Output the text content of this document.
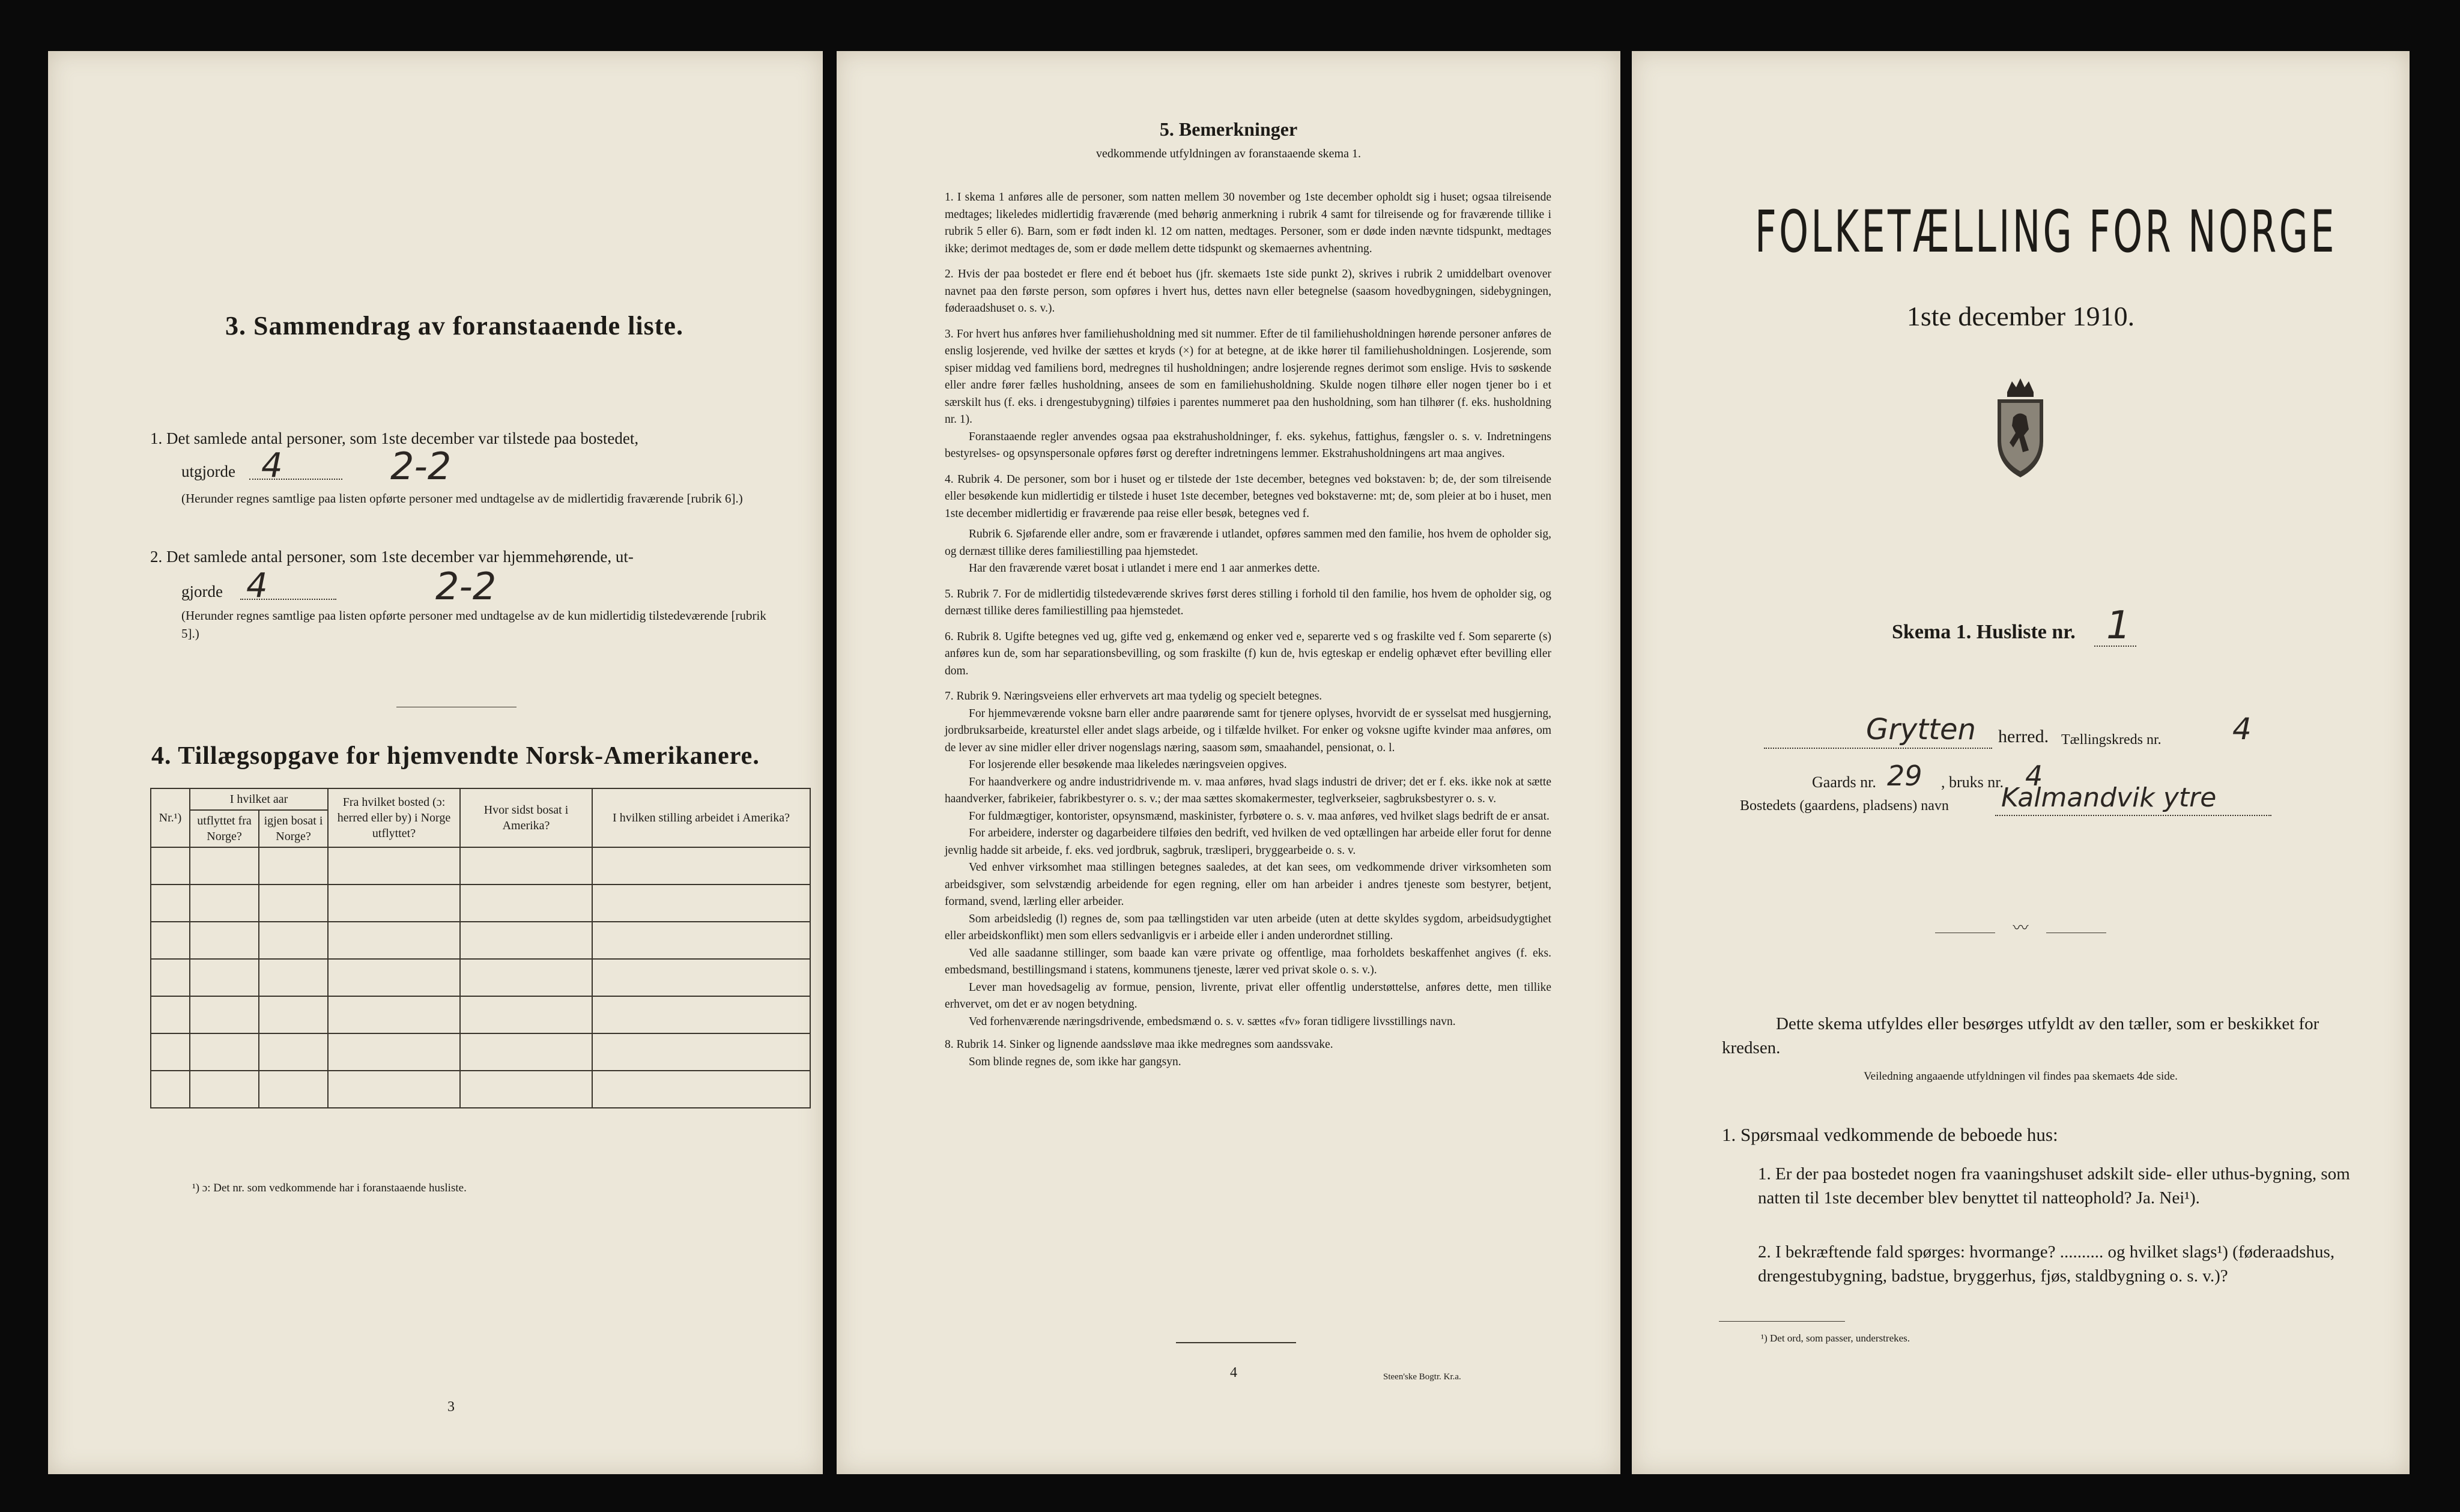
3. Sammendrag av foranstaaende liste.
1. Det samlede antal personer, som 1ste december var tilstede paa bostedet,
utgjorde 4	2-2
(Herunder regnes samtlige paa listen opførte personer med undtagelse av de midlertidig fraværende [rubrik 6].)
2. Det samlede antal personer, som 1ste december var hjemmehørende, ut-
gjorde 4	2-2
(Herunder regnes samtlige paa listen opførte personer med undtagelse av de kun midlertidig tilstedeværende [rubrik 5].)
4. Tillægsopgave for hjemvendte Norsk-Amerikanere.
Nr.¹)	I hvilket aar		Fra hvilket bosted (ɔ: herred eller by) i Norge utflyttet?	Hvor sidst bosat i Amerika?	I hvilken stilling arbeidet i Amerika?
	utflyttet fra Norge?	igjen bosat i Norge?			

¹) ɔ: Det nr. som vedkommende har i foranstaaende husliste.
3
5. Bemerkninger
vedkommende utfyldningen av foranstaaende skema 1.

1. I skema 1 anføres alle de personer, som natten mellem 30 november og 1ste december opholdt sig i huset; ogsaa tilreisende medtages; likeledes midlertidig fraværende (med behørig anmerkning i rubrik 4 samt for tilreisende og for fraværende tillike i rubrik 5 eller 6). Barn, som er født inden kl. 12 om natten, medtages. Personer, som er døde inden nævnte tidspunkt, medtages ikke; derimot medtages de, som er døde mellem dette tidspunkt og skemaernes avhentning.

2. Hvis der paa bostedet er flere end ét beboet hus (jfr. skemaets 1ste side punkt 2), skrives i rubrik 2 umiddelbart ovenover navnet paa den første person, som opføres i hvert hus, dettes navn eller betegnelse (saasom hovedbygningen, sidebygningen, føderaadshuset o. s. v.).

3. For hvert hus anføres hver familiehusholdning med sit nummer. Efter de til familiehusholdningen hørende personer anføres de enslig losjerende, ved hvilke der sættes et kryds (×) for at betegne, at de ikke hører til familiehusholdningen. Losjerende, som spiser middag ved familiens bord, medregnes til husholdningen; andre losjerende regnes derimot som enslige. Hvis to søskende eller andre fører fælles husholdning, ansees de som en familiehusholdning. Skulde nogen tilhøre eller nogen tjener bo i et særskilt hus (f. eks. i drengestubygning) tilføies i parentes nummeret paa den husholdning, som han tilhører (f. eks. husholdning nr. 1).

Foranstaaende regler anvendes ogsaa paa ekstrahusholdninger, f. eks. sykehus, fattighus, fængsler o. s. v. Indretningens bestyrelses- og opsynspersonale opføres først og derefter indretningens lemmer. Ekstrahusholdningens art maa angives.

4. Rubrik 4. De personer, som bor i huset og er tilstede der 1ste december, betegnes ved bokstaven: b; de, der som tilreisende eller besøkende kun midlertidig er tilstede i huset 1ste december, betegnes ved bokstaverne: mt; de, som pleier at bo i huset, men 1ste december midlertidig er fraværende paa reise eller besøk, betegnes ved f.

Rubrik 6. Sjøfarende eller andre, som er fraværende i utlandet, opføres sammen med den familie, hos hvem de opholder sig, og dernæst tillike deres familiestilling paa hjemstedet.

Har den fraværende været bosat i utlandet i mere end 1 aar anmerkes dette.

5. Rubrik 7. For de midlertidig tilstedeværende skrives først deres stilling i forhold til den familie, hos hvem de opholder sig, og dernæst tillike deres familiestilling paa hjemstedet.

6. Rubrik 8. Ugifte betegnes ved ug, gifte ved g, enkemænd og enker ved e, separerte ved s og fraskilte ved f. Som separerte (s) anføres kun de, som har separationsbevilling, og som fraskilte (f) kun de, hvis egteskap er endelig ophævet efter bevilling eller dom.

7. Rubrik 9. Næringsveiens eller erhvervets art maa tydelig og specielt betegnes.

For hjemmeværende voksne barn eller andre paarørende samt for tjenere oplyses, hvorvidt de er sysselsat med husgjerning, jordbruksarbeide, kreaturstel eller andet slags arbeide, og i tilfælde hvilket. For enker og voksne ugifte kvinder maa anføres, om de lever av sine midler eller driver nogenslags næring, saasom søm, smaahandel, pensionat, o. l.

For losjerende eller besøkende maa likeledes næringsveien opgives.

For haandverkere og andre industridrivende m. v. maa anføres, hvad slags industri de driver; det er f. eks. ikke nok at sætte haandverker, fabrikeier, fabrikbestyrer o. s. v.; der maa sættes skomakermester, teglverkseier, sagbruksbestyrer o. s. v.

For fuldmægtiger, kontorister, opsynsmænd, maskinister, fyrbøtere o. s. v. maa anføres, ved hvilket slags bedrift de er ansat.

For arbeidere, inderster og dagarbeidere tilføies den bedrift, ved hvilken de ved optællingen har arbeide eller forut for denne jevnlig hadde sit arbeide, f. eks. ved jordbruk, sagbruk, træsliperi, bryggearbeide o. s. v.

Ved enhver virksomhet maa stillingen betegnes saaledes, at det kan sees, om vedkommende driver virksomheten som arbeidsgiver, som selvstændig arbeidende for egen regning, eller om han arbeider i andres tjeneste som bestyrer, betjent, formand, svend, lærling eller arbeider.

Som arbeidsledig (l) regnes de, som paa tællingstiden var uten arbeide (uten at dette skyldes sygdom, arbeidsudygtighet eller arbeidskonflikt) men som ellers sedvanligvis er i arbeide eller i anden underordnet stilling.

Ved alle saadanne stillinger, som baade kan være private og offentlige, maa forholdets beskaffenhet angives (f. eks. embedsmand, bestillingsmand i statens, kommunens tjeneste, lærer ved privat skole o. s. v.).

Lever man hovedsagelig av formue, pension, livrente, privat eller offentlig understøttelse, anføres dette, men tillike erhvervet, om det er av nogen betydning.

Ved forhenværende næringsdrivende, embedsmænd o. s. v. sættes «fv» foran tidligere livsstillings navn.

8. Rubrik 14. Sinker og lignende aandssløve maa ikke medregnes som aandssvake.

Som blinde regnes de, som ikke har gangsyn.

4	Steen'ske Bogtr. Kr.a.
FOLKETÆLLING FOR NORGE
1ste december 1910.
Skema 1. Husliste nr. 1
Grytten herred. Tællingskreds nr. 4
Gaards nr. 29 , bruks nr. 4
Bostedets (gaardens, pladsens) navn Kalmandvik ytre
〰
Dette skema utfyldes eller besørges utfyldt av den tæller, som er beskikket for kredsen.
Veiledning angaaende utfyldningen vil findes paa skemaets 4de side.
1. Spørsmaal vedkommende de beboede hus:
1. Er der paa bostedet nogen fra vaaningshuset adskilt side- eller uthus-bygning, som natten til 1ste december blev benyttet til natteophold? Ja. Nei¹).
2. I bekræftende fald spørges: hvormange? .......... og hvilket slags¹) (føderaadshus, drengestubygning, badstue, bryggerhus, fjøs, staldbygning o. s. v.)?
¹) Det ord, som passer, understrekes.
